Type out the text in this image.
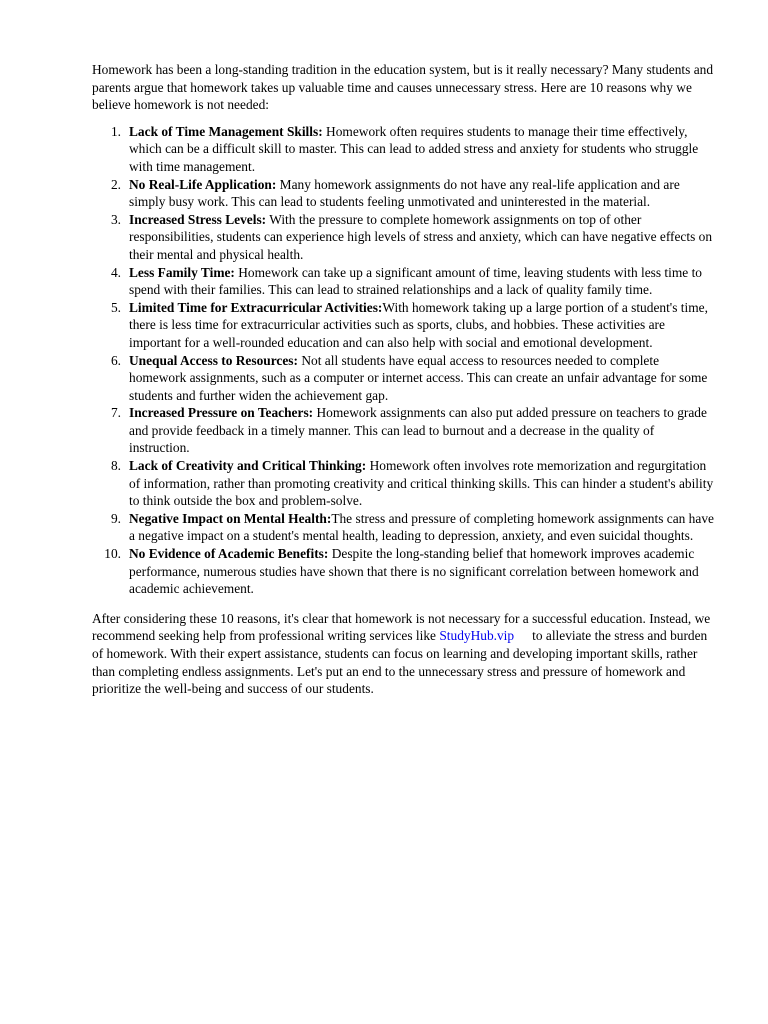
Homework has been a long-standing tradition in the education system, but is it really necessary? Many students and parents argue that homework takes up valuable time and causes unnecessary stress. Here are 10 reasons why we believe homework is not needed:

1. Lack of Time Management Skills: Homework often requires students to manage their time effectively, which can be a difficult skill to master. This can lead to added stress and anxiety for students who struggle with time management.
2. No Real-Life Application: Many homework assignments do not have any real-life application and are simply busy work. This can lead to students feeling unmotivated and uninterested in the material.
3. Increased Stress Levels: With the pressure to complete homework assignments on top of other responsibilities, students can experience high levels of stress and anxiety, which can have negative effects on their mental and physical health.
4. Less Family Time: Homework can take up a significant amount of time, leaving students with less time to spend with their families. This can lead to strained relationships and a lack of quality family time.
5. Limited Time for Extracurricular Activities:With homework taking up a large portion of a student's time, there is less time for extracurricular activities such as sports, clubs, and hobbies. These activities are important for a well-rounded education and can also help with social and emotional development.
6. Unequal Access to Resources: Not all students have equal access to resources needed to complete homework assignments, such as a computer or internet access. This can create an unfair advantage for some students and further widen the achievement gap.
7. Increased Pressure on Teachers: Homework assignments can also put added pressure on teachers to grade and provide feedback in a timely manner. This can lead to burnout and a decrease in the quality of instruction.
8. Lack of Creativity and Critical Thinking: Homework often involves rote memorization and regurgitation of information, rather than promoting creativity and critical thinking skills. This can hinder a student's ability to think outside the box and problem-solve.
9. Negative Impact on Mental Health:The stress and pressure of completing homework assignments can have a negative impact on a student's mental health, leading to depression, anxiety, and even suicidal thoughts.
10. No Evidence of Academic Benefits: Despite the long-standing belief that homework improves academic performance, numerous studies have shown that there is no significant correlation between homework and academic achievement.

After considering these 10 reasons, it's clear that homework is not necessary for a successful education. Instead, we recommend seeking help from professional writing services like StudyHub.vip to alleviate the stress and burden of homework. With their expert assistance, students can focus on learning and developing important skills, rather than completing endless assignments. Let's put an end to the unnecessary stress and pressure of homework and prioritize the well-being and success of our students.
